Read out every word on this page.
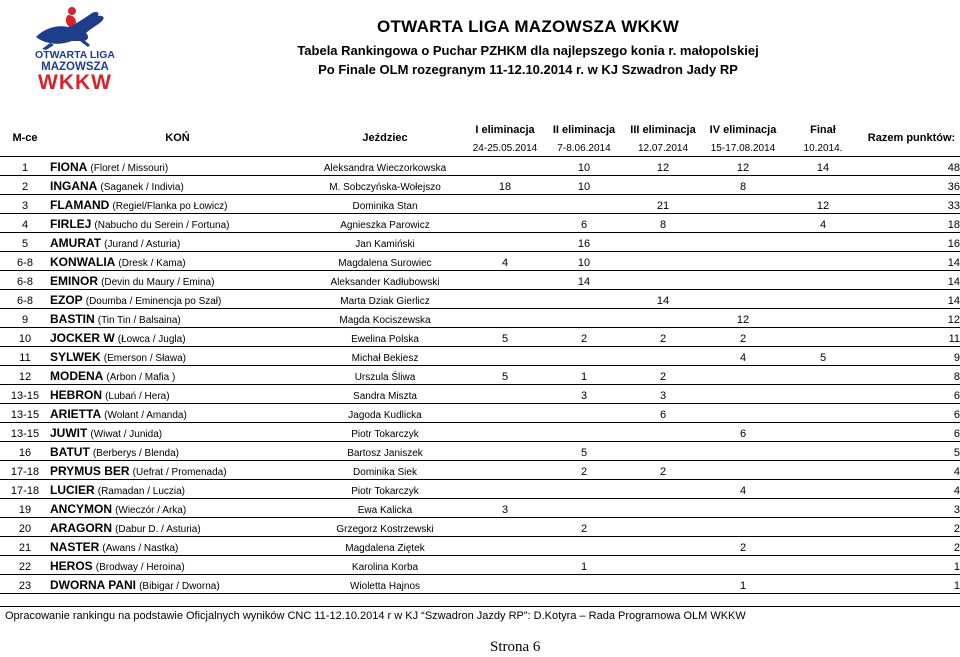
OTWARTA LIGA
MAZOWSZA
WKKW
OTWARTA LIGA MAZOWSZA WKKW
Tabela Rankingowa o Puchar PZHKM dla najlepszego konia r. małopolskiej
Po Finale OLM rozegranym 11-12.10.2014 r. w KJ Szwadron Jady RP
M-ce	KOŃ	Jeździec	I eliminacja	II eliminacja	III eliminacja	IV eliminacja	Finał	Razem punktów:
			24-25.05.2014	7-8.06.2014	12.07.2014	15-17.08.2014	10.2014.	
1	FIONA (Floret / Missouri)	Aleksandra Wieczorkowska		10	12	12	14	48
2	INGANA (Saganek / Indivia)	M. Sobczyńska-Wołejszo	18	10		8		36
3	FLAMAND (Regiel/Flanka po Łowicz)	Dominika Stan			21		12	33
4	FIRLEJ (Nabucho du Serein / Fortuna)	Agnieszka Parowicz		6	8		4	18
5	AMURAT (Jurand / Asturia)	Jan Kamiński		16				16
6-8	KONWALIA (Dresk / Kama)	Magdalena Surowiec	4	10				14
6-8	EMINOR (Devin du Maury / Emina)	Aleksander Kadłubowski		14				14
6-8	EZOP (Doumba / Eminencja po Szał)	Marta Dziak Gierlicz			14			14
9	BASTIN (Tin Tin / Balsaina)	Magda Kociszewska				12		12
10	JOCKER W (Łowca / Jugla)	Ewelina Polska	5	2	2	2		11
11	SYLWEK (Emerson / Sława)	Michał Bekiesz				4	5	9
12	MODENA (Arbon / Mafia )	Urszula Śliwa	5	1	2			8
13-15	HEBRON (Lubań / Hera)	Sandra Miszta		3	3			6
13-15	ARIETTA (Wolant / Amanda)	Jagoda Kudlicka			6			6
13-15	JUWIT (Wiwat / Junida)	Piotr Tokarczyk				6		6
16	BATUT (Berberys / Blenda)	Bartosz Janiszek		5				5
17-18	PRYMUS BER (Uefrat / Promenada)	Dominika Siek		2	2			4
17-18	LUCIER (Ramadan / Luczia)	Piotr Tokarczyk				4		4
19	ANCYMON (Wieczór / Arka)	Ewa Kalicka	3					3
20	ARAGORN (Dabur D. / Asturia)	Grzegorz Kostrzewski		2				2
21	NASTER (Awans / Nastka)	Magdalena Ziętek				2		2
22	HEROS (Brodway / Heroina)	Karolina Korba		1				1
23	DWORNA PANI (Bibigar / Dworna)	Wioletta Hajnos				1		1
Opracowanie rankingu na podstawie Oficjalnych wyników CNC 11-12.10.2014 r w KJ “Szwadron Jazdy RP”: D.Kotyra – Rada Programowa OLM WKKW
Strona 6
